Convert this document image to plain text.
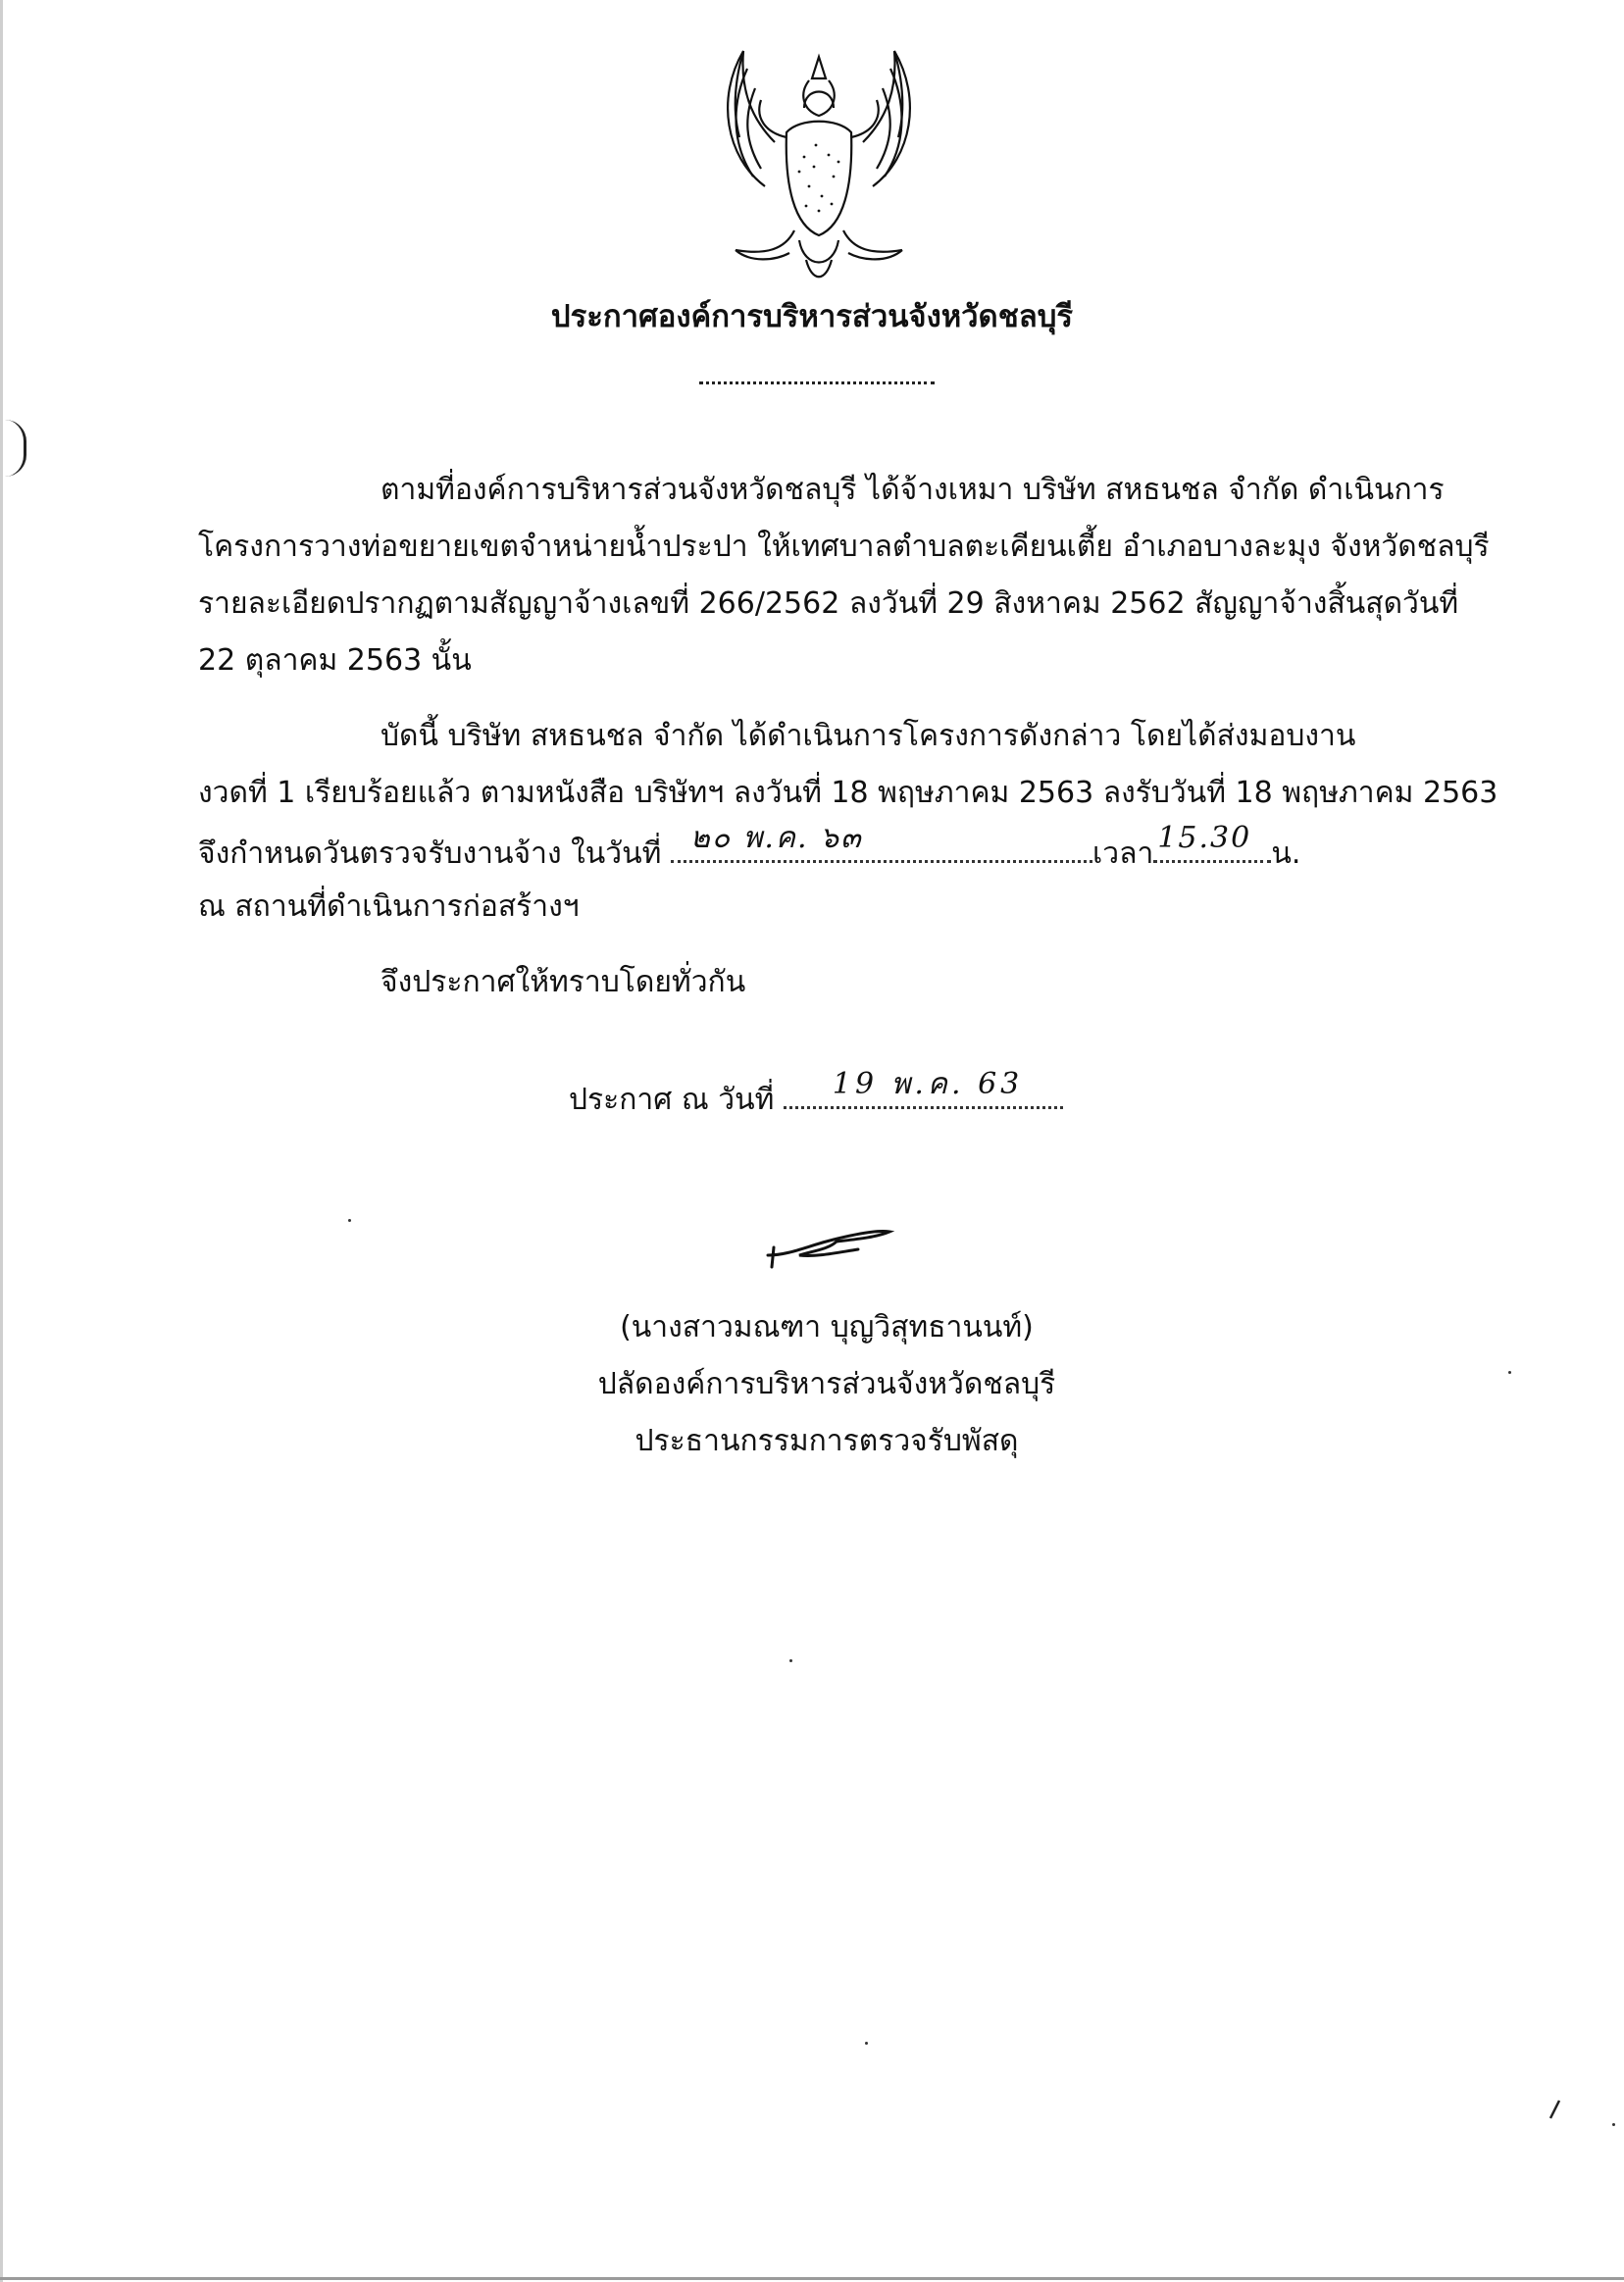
ประกาศองค์การบริหารส่วนจังหวัดชลบุรี
ตามที่องค์การบริหารส่วนจังหวัดชลบุรี ได้จ้างเหมา บริษัท สหธนชล จำกัด ดำเนินการ
โครงการวางท่อขยายเขตจำหน่ายน้ำประปา ให้เทศบาลตำบลตะเคียนเตี้ย อำเภอบางละมุง จังหวัดชลบุรี
รายละเอียดปรากฏตามสัญญาจ้างเลขที่ 266/2562 ลงวันที่ 29 สิงหาคม 2562 สัญญาจ้างสิ้นสุดวันที่
22 ตุลาคม 2563 นั้น
บัดนี้ บริษัท สหธนชล จำกัด ได้ดำเนินการโครงการดังกล่าว โดยได้ส่งมอบงาน
งวดที่ 1 เรียบร้อยแล้ว ตามหนังสือ บริษัทฯ ลงวันที่ 18 พฤษภาคม 2563 ลงรับวันที่ 18 พฤษภาคม 2563
จึงกำหนดวันตรวจรับงานจ้าง ในวันที่ ๒๐ พ.ค. ๖๓	เวลา 15.30 น.
ณ สถานที่ดำเนินการก่อสร้างฯ
จึงประกาศให้ทราบโดยทั่วกัน
ประกาศ ณ วันที่ 19 พ.ค. 63
(นางสาวมณฑา บุญวิสุทธานนท์)
ปลัดองค์การบริหารส่วนจังหวัดชลบุรี
ประธานกรรมการตรวจรับพัสดุ
